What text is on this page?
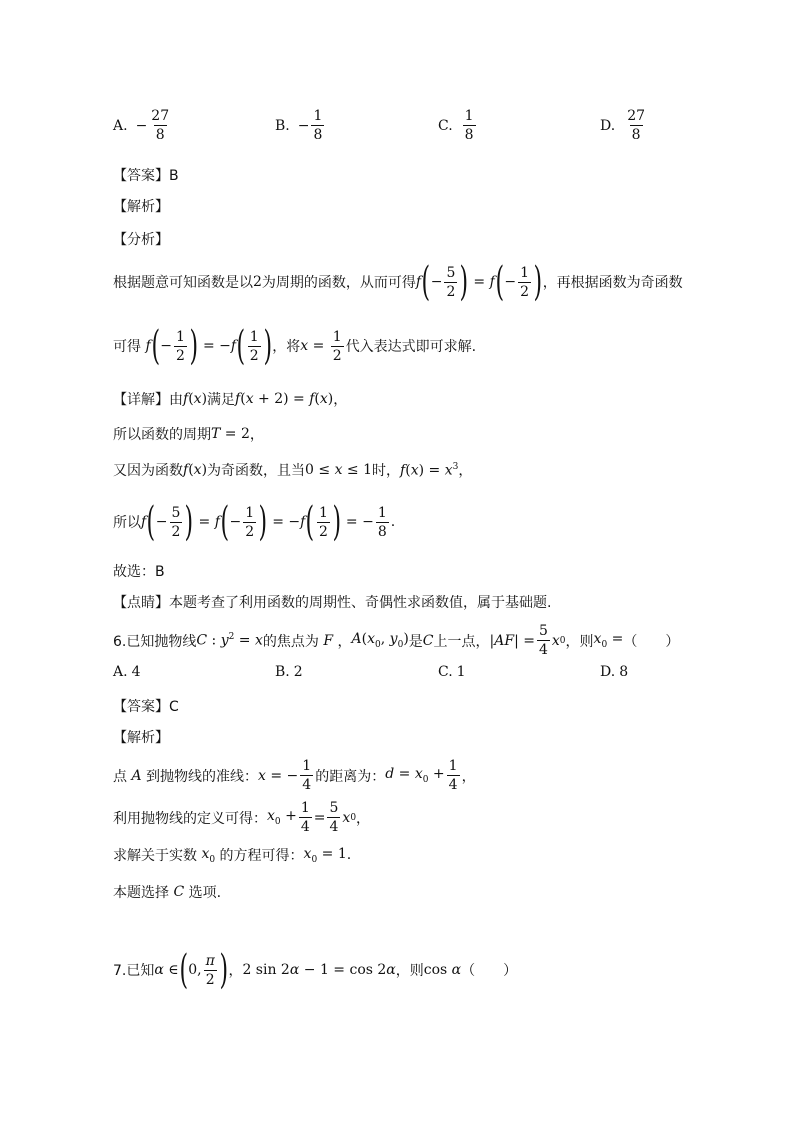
A. − $\frac{27}{8}$	B. − $\frac{1}{8}$	C. $\frac{1}{8}$	D. $\frac{27}{8}$
【答案】B
【解析】
【分析】
根据题意可知函数是以 2 为周期的函数，从而可得 f ( − $\frac{5}{2}$ ) = f ( − $\frac{1}{2}$ ) ，再根据函数为奇函数
可得 f ( − $\frac{1}{2}$ ) = − f ( $\frac{1}{2}$ ) ，将 $x = \frac{1}{2}$ 代入表达式即可求解.
【详解】 由 f(x) 满足 f(x + 2) = f(x) ，
所以函数的周期 T = 2 ，
又因为函数 f(x) 为奇函数，且当 0 ≤ x ≤ 1 时， $f(x) = x^3$ ，
所以 f ( − $\frac{5}{2}$ ) = f ( − $\frac{1}{2}$ ) = − f ( $\frac{1}{2}$ ) = − $\frac{1}{8}$ .
故选：B
【点睛】 本题考查了利用函数的周期性、奇偶性求函数值，属于基础题.
6.已知抛物线 C : $y^2 = x$ 的焦点为 F ， $A(x_0$, $y_0$) 是 C 上一点， $|AF| = \frac{5}{4}$ x 0 ，则 $x_0$ = （　　）
A. 4	B. 2	C. 1	D. 8
【答案】C
【解析】
点 A 到抛物线的准线： x = − $\frac{1}{4}$ 的距离为： $d = x_0 + \frac{1}{4}$ ，
利用抛物线的定义可得： $x_0 + \frac{1}{4} = \frac{5}{4}$ x 0 ，
求解关于实数 $x_0$ 的方程可得： $x_0 = 1$ .
本题选择 C 选项.
7.已知 α ∈ ( 0, $\frac{\pi}{2}$ ) ， 2 sin 2α − 1 = cos 2α ，则 cos α （　　）
